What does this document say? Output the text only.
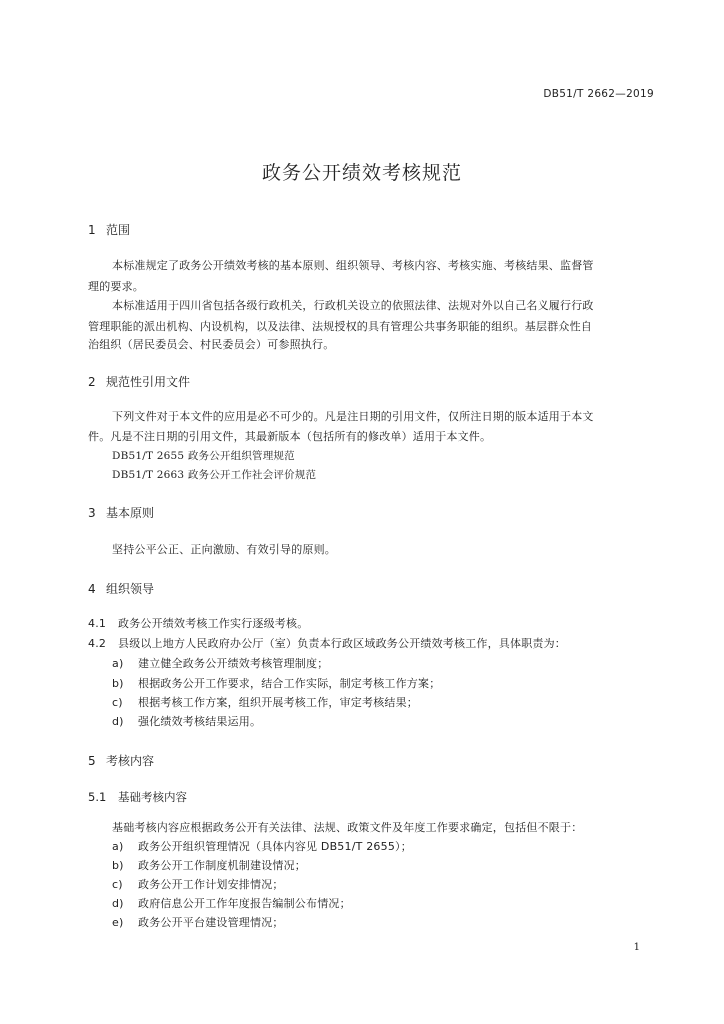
DB51/T 2662—2019
政务公开绩效考核规范
1 范围
本标准规定了政务公开绩效考核的基本原则、组织领导、考核内容、考核实施、考核结果、监督管
理的要求。
本标准适用于四川省包括各级行政机关，行政机关设立的依照法律、法规对外以自己名义履行行政
管理职能的派出机构、内设机构，以及法律、法规授权的具有管理公共事务职能的组织。基层群众性自
治组织（居民委员会、村民委员会）可参照执行。
2 规范性引用文件
下列文件对于本文件的应用是必不可少的。凡是注日期的引用文件，仅所注日期的版本适用于本文
件。凡是不注日期的引用文件，其最新版本（包括所有的修改单）适用于本文件。
DB51/T 2655 政务公开组织管理规范
DB51/T 2663 政务公开工作社会评价规范
3 基本原则
坚持公平公正、正向激励、有效引导的原则。
4 组织领导
4.1 政务公开绩效考核工作实行逐级考核。
4.2 县级以上地方人民政府办公厅（室）负责本行政区域政务公开绩效考核工作，具体职责为：
a) 建立健全政务公开绩效考核管理制度；
b) 根据政务公开工作要求，结合工作实际，制定考核工作方案；
c) 根据考核工作方案，组织开展考核工作，审定考核结果；
d) 强化绩效考核结果运用。
5 考核内容
5.1 基础考核内容
基础考核内容应根据政务公开有关法律、法规、政策文件及年度工作要求确定，包括但不限于：
a) 政务公开组织管理情况（具体内容见 DB51/T 2655）；
b) 政务公开工作制度机制建设情况；
c) 政务公开工作计划安排情况；
d) 政府信息公开工作年度报告编制公布情况；
e) 政务公开平台建设管理情况；
1
